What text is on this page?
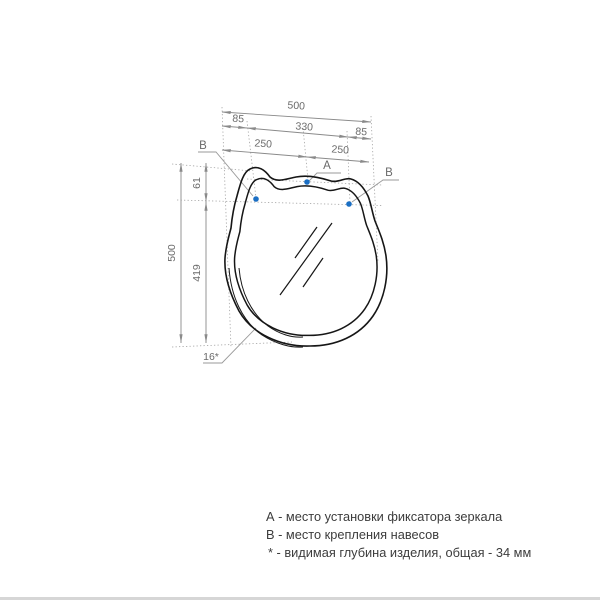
500
85
330	85
250	250
500
61
419
16*
В
А
В
А - место установки фиксатора зеркала
В - место крепления навесов
* - видимая глубина изделия, общая - 34 мм
